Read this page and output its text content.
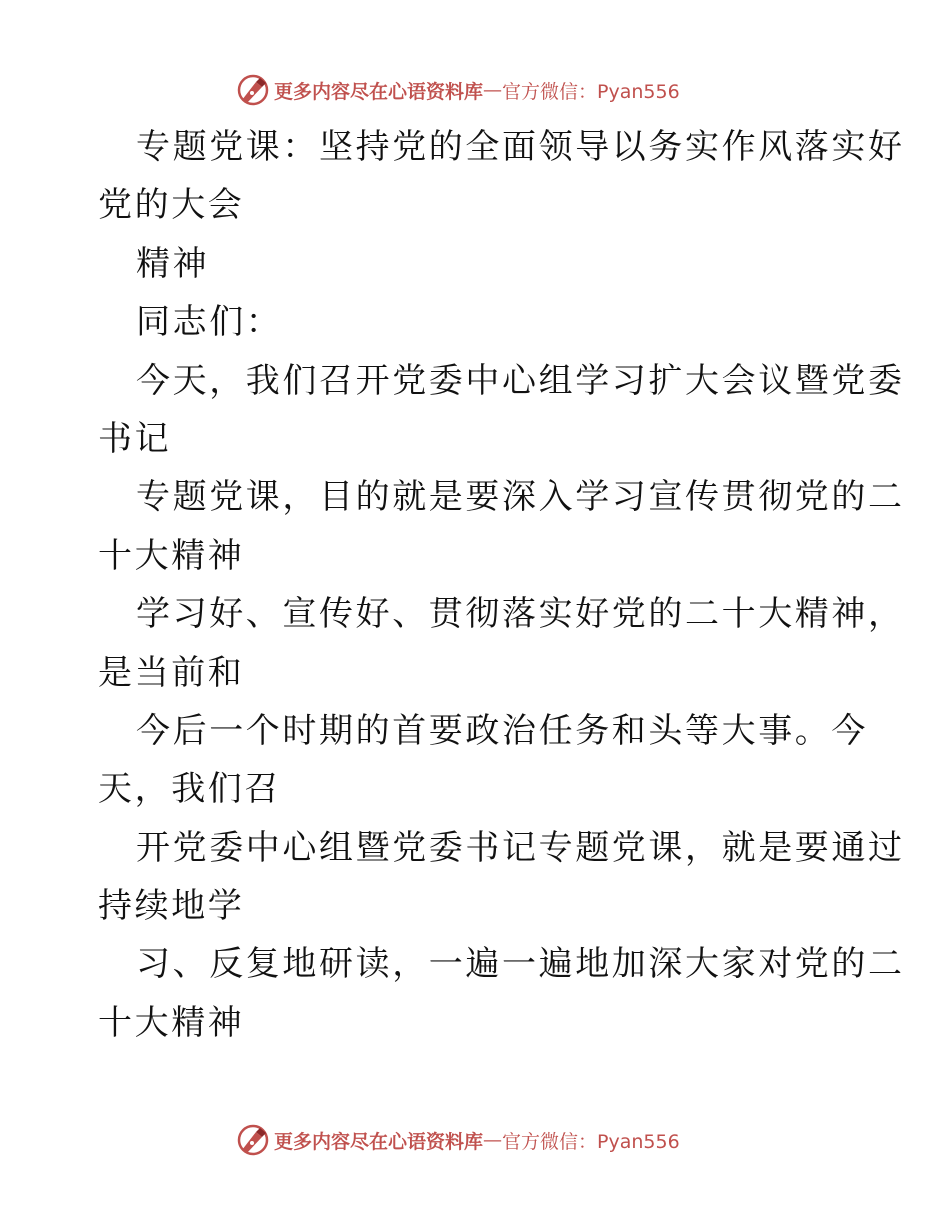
更多内容尽在心语资料库 — 官方微信：Pyan556
专题党课：坚持党的全面领导以务实作风落实好
党的大会
精神
同志们：
今天，我们召开党委中心组学习扩大会议暨党委
书记
专题党课，目的就是要深入学习宣传贯彻党的二
十大精神
学习好、宣传好、贯彻落实好党的二十大精神，
是当前和
今后一个时期的首要政治任务和头等大事。今
天，我们召
开党委中心组暨党委书记专题党课，就是要通过
持续地学
习、反复地研读，一遍一遍地加深大家对党的二
十大精神
更多内容尽在心语资料库 — 官方微信：Pyan556
